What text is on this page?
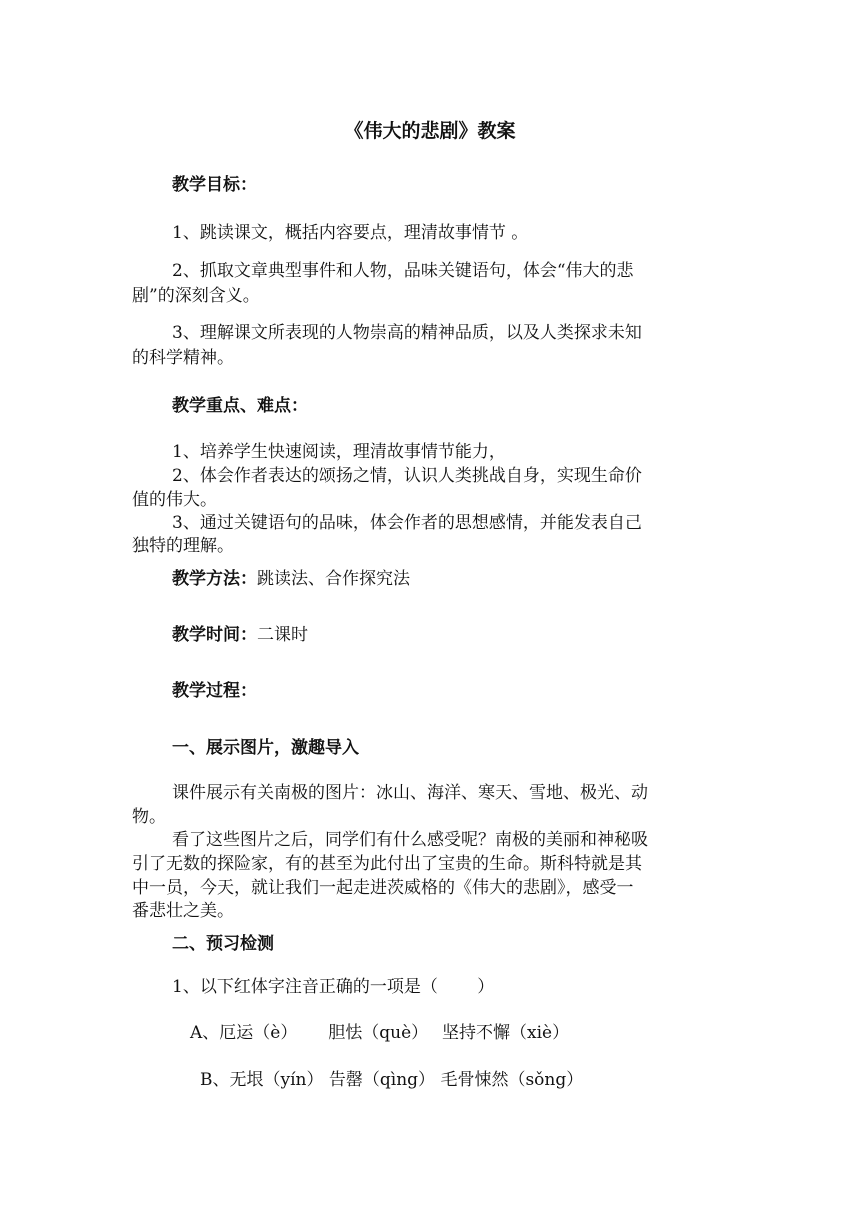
《伟大的悲剧》教案

教学目标：

1、跳读课文，概括内容要点，理清故事情节 。

2、抓取文章典型事件和人物，品味关键语句，体会“伟大的悲

剧”的深刻含义。

3、理解课文所表现的人物崇高的精神品质，以及人类探求未知

的科学精神。

教学重点、难点：

1、培养学生快速阅读，理清故事情节能力，

2、体会作者表达的颂扬之情，认识人类挑战自身，实现生命价

值的伟大。

3、通过关键语句的品味，体会作者的思想感情，并能发表自己

独特的理解。

教学方法：跳读法、合作探究法

教学时间：二课时

教学过程：

一、展示图片，激趣导入

课件展示有关南极的图片：冰山、海洋、寒天、雪地、极光、动

物。

看了这些图片之后，同学们有什么感受呢？南极的美丽和神秘吸

引了无数的探险家，有的甚至为此付出了宝贵的生命。斯科特就是其

中一员，今天，就让我们一起走进茨威格的《伟大的悲剧》，感受一

番悲壮之美。

二、预习检测

1、以下红体字注音正确的一项是（　　 ）

A、厄运（è）　　 胆怯（què）　 坚持不懈（xiè）

B、无垠（yín） 告罄（qìng） 毛骨悚然（sǒng）
